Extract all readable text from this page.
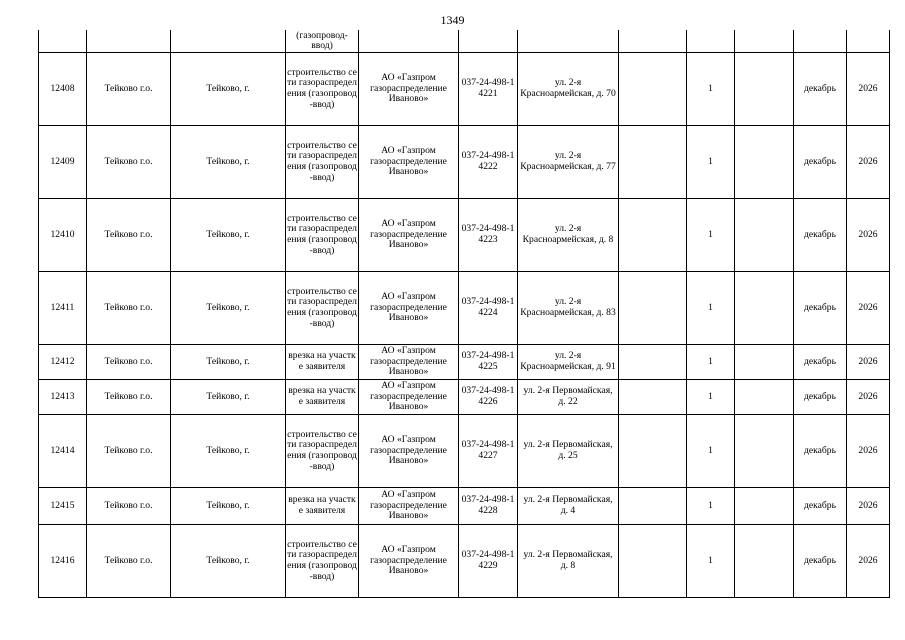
1349
			(газопровод-
ввод)								
12408	Тейково г.о.	Тейково, г.	строительство сети газораспределения (газопровод-ввод)	АО «Газпром газораспределение Иваново»	037-24-498-14221	ул. 2-я Красноармейская, д. 70		1		декабрь	2026
12409	Тейково г.о.	Тейково, г.	строительство сети газораспределения (газопровод-ввод)	АО «Газпром газораспределение Иваново»	037-24-498-14222	ул. 2-я Красноармейская, д. 77		1		декабрь	2026
12410	Тейково г.о.	Тейково, г.	строительство сети газораспределения (газопровод-ввод)	АО «Газпром газораспределение Иваново»	037-24-498-14223	ул. 2-я Красноармейская, д. 8		1		декабрь	2026
12411	Тейково г.о.	Тейково, г.	строительство сети газораспределения (газопровод-ввод)	АО «Газпром газораспределение Иваново»	037-24-498-14224	ул. 2-я Красноармейская, д. 83		1		декабрь	2026
12412	Тейково г.о.	Тейково, г.	врезка на участке заявителя	АО «Газпром газораспределение Иваново»	037-24-498-14225	ул. 2-я Красноармейская, д. 91		1		декабрь	2026
12413	Тейково г.о.	Тейково, г.	врезка на участке заявителя	АО «Газпром газораспределение Иваново»	037-24-498-14226	ул. 2-я Первомайская, д. 22		1		декабрь	2026
12414	Тейково г.о.	Тейково, г.	строительство сети газораспределения (газопровод-ввод)	АО «Газпром газораспределение Иваново»	037-24-498-14227	ул. 2-я Первомайская, д. 25		1		декабрь	2026
12415	Тейково г.о.	Тейково, г.	врезка на участке заявителя	АО «Газпром газораспределение Иваново»	037-24-498-14228	ул. 2-я Первомайская, д. 4		1		декабрь	2026
12416	Тейково г.о.	Тейково, г.	строительство сети газораспределения (газопровод-ввод)	АО «Газпром газораспределение Иваново»	037-24-498-14229	ул. 2-я Первомайская, д. 8		1		декабрь	2026
